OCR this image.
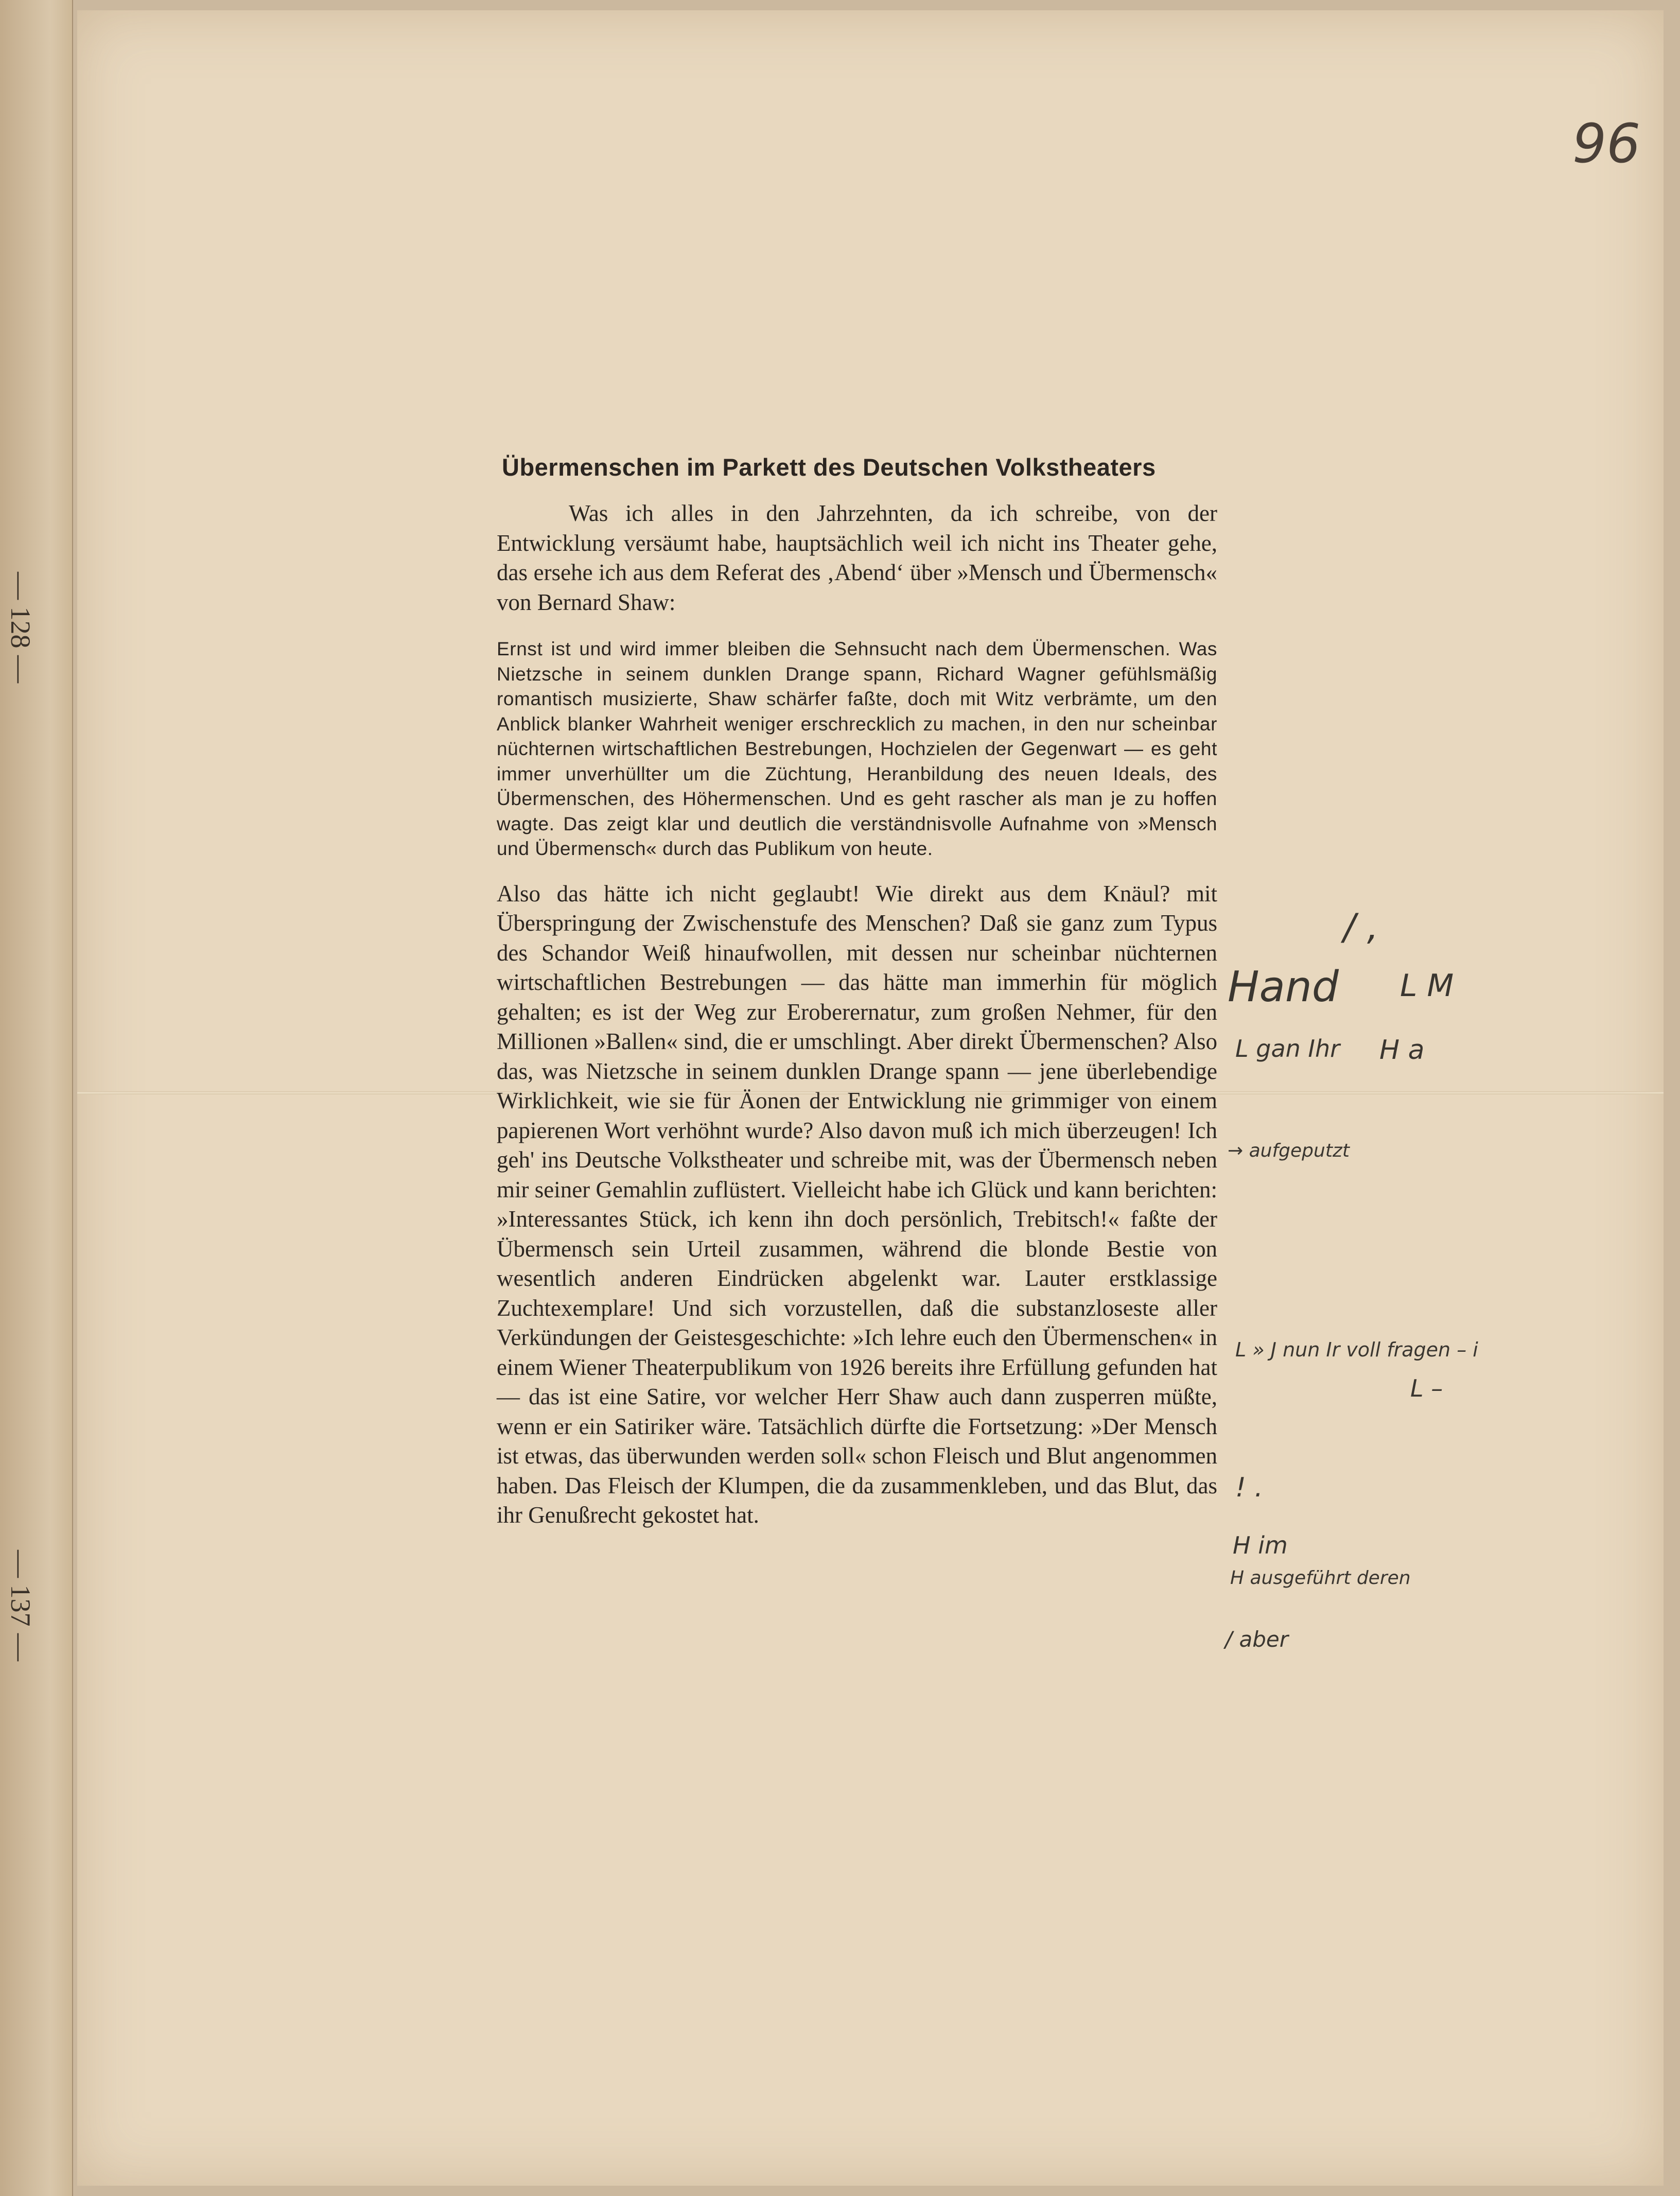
— 128 —
— 137 —
96
Übermenschen im Parkett des Deutschen Volkstheaters

Was ich alles in den Jahrzehnten, da ich schreibe, von der Entwicklung versäumt habe, hauptsächlich weil ich nicht ins Theater gehe, das ersehe ich aus dem Referat des ‚Abend‘ über »Mensch und Übermensch« von Bernard Shaw:

Ernst ist und wird immer bleiben die Sehnsucht nach dem Übermenschen. Was Nietzsche in seinem dunklen Drange spann, Richard Wagner gefühlsmäßig romantisch musizierte, Shaw schärfer faßte, doch mit Witz verbrämte, um den Anblick blanker Wahrheit weniger erschrecklich zu machen, in den nur scheinbar nüchternen wirtschaftlichen Bestrebungen, Hochzielen der Gegenwart — es geht immer unverhüllter um die Züchtung, Heranbildung des neuen Ideals, des Übermenschen, des Höhermenschen. Und es geht rascher als man je zu hoffen wagte. Das zeigt klar und deutlich die verständnisvolle Aufnahme von »Mensch und Übermensch« durch das Publikum von heute.

Also das hätte ich nicht geglaubt! Wie direkt aus dem Knäul? mit Überspringung der Zwischenstufe des Menschen? Daß sie ganz zum Typus des Schandor Weiß hinaufwollen, mit dessen nur scheinbar nüchternen wirtschaftlichen Bestrebungen — das hätte man immerhin für möglich gehalten; es ist der Weg zur Eroberernatur, zum großen Nehmer, für den Millionen »Ballen« sind, die er umschlingt. Aber direkt Übermenschen? Also das, was Nietzsche in seinem dunklen Drange spann — jene überlebendige Wirklichkeit, wie sie für Äonen der Entwicklung nie grimmiger von einem papierenen Wort verhöhnt wurde? Also davon muß ich mich überzeugen! Ich geh' ins Deutsche Volkstheater und schreibe mit, was der Übermensch neben mir seiner Gemahlin zuflüstert. Vielleicht habe ich Glück und kann berichten: »Interessantes Stück, ich kenn ihn doch persönlich, Trebitsch!« faßte der Übermensch sein Urteil zusammen, während die blonde Bestie von wesentlich anderen Eindrücken abgelenkt war. Lauter erstklassige Zuchtexemplare! Und sich vorzustellen, daß die substanzloseste aller Verkündungen der Geistesgeschichte: »Ich lehre euch den Übermenschen« in einem Wiener Theaterpublikum von 1926 bereits ihre Erfüllung gefunden hat — das ist eine Satire, vor welcher Herr Shaw auch dann zusperren müßte, wenn er ein Satiriker wäre. Tatsächlich dürfte die Fortsetzung: »Der Mensch ist etwas, das überwunden werden soll« schon Fleisch und Blut angenommen haben. Das Fleisch der Klumpen, die da zusammenkleben, und das Blut, das ihr Genußrecht gekostet hat.

/ ,
Hand L M
L gan Ihr H a
→ aufgeputzt
L » J nun Ir voll fragen – i
L –
! .
H im
H ausgeführt deren
/ aber
